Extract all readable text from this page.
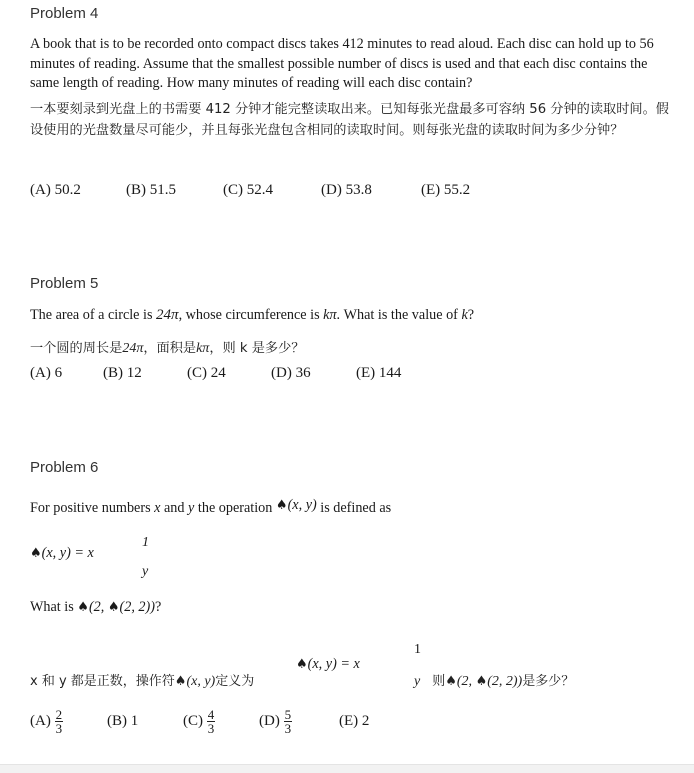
Problem 4
A book that is to be recorded onto compact discs takes 412 minutes to read aloud. Each disc can hold up to 56 minutes of reading. Assume that the smallest possible number of discs is used and that each disc contains the same length of reading. How many minutes of reading will each disc contain?
一本要刻录到光盘上的书需要 412 分钟才能完整读取出来。已知每张光盘最多可容纳 56 分钟的读取时间。假设使用的光盘数量尽可能少，并且每张光盘包含相同的读取时间。则每张光盘的读取时间为多少分钟？
(A) 50.2	(B) 51.5	(C) 52.4	(D) 53.8	(E) 55.2
Problem 5
The area of a circle is 24π, whose circumference is kπ. What is the value of k?
一个圆的周长是24π，面积是kπ，则 k 是多少？
(A) 6	(B) 12	(C) 24	(D) 36	(E) 144
Problem 6
For positive numbers x and y the operation ♠(x, y) is defined as
♠(x, y) = x
1
y
What is ♠(2, ♠(2, 2))?
x 和 y 都是正数，操作符♠(x, y)定义为
♠(x, y) = x
1
y 则♠(2, ♠(2, 2))是多少？
$(A) \frac{2}{3}$	(B) 1	$(C) \frac{4}{3}$	$(D) \frac{5}{3}$	(E) 2
